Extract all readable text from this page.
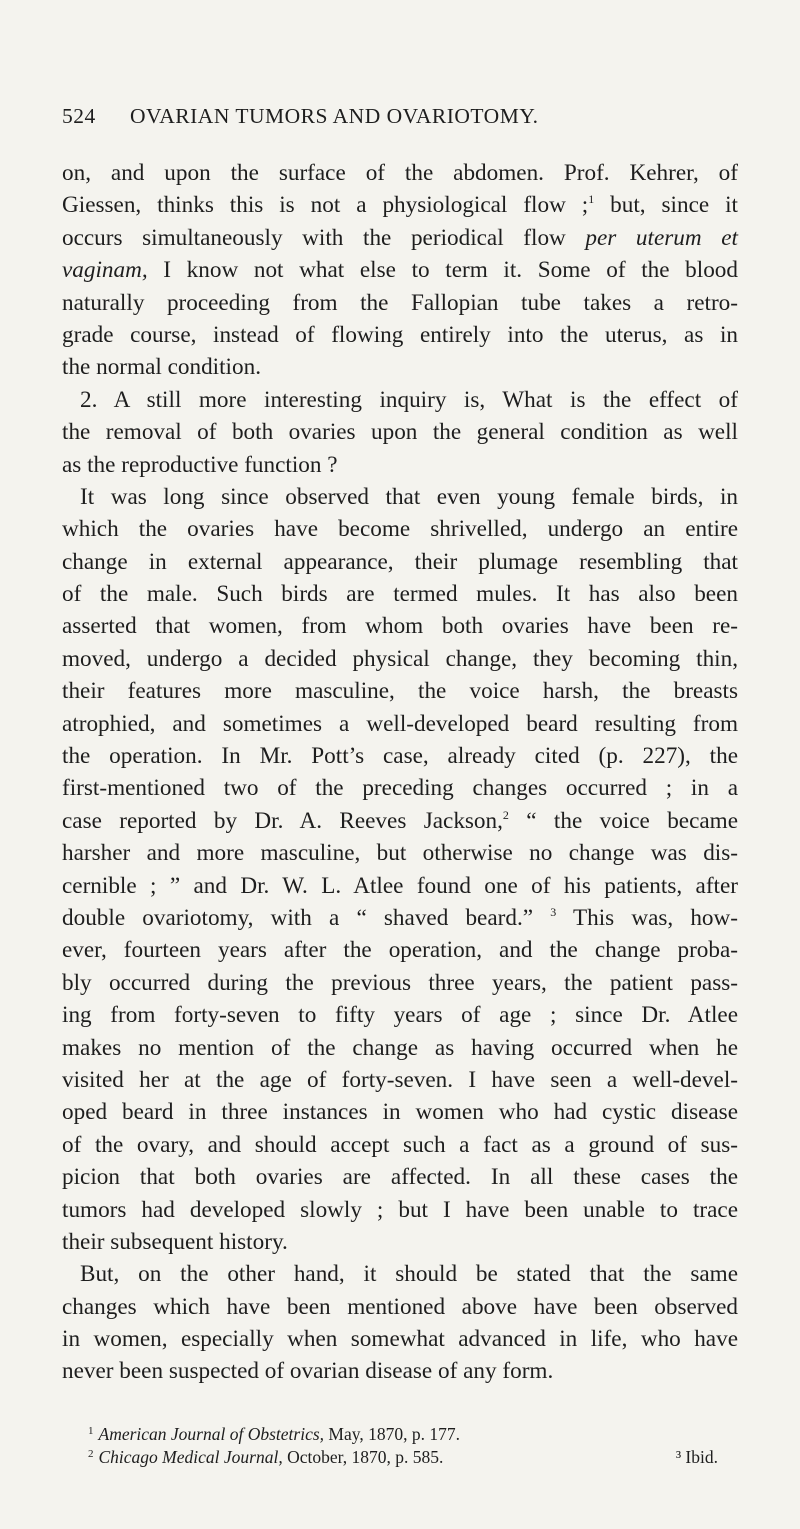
524 OVARIAN TUMORS AND OVARIOTOMY.
on, and upon the surface of the abdomen. Prof. Kehrer, of
Giessen, thinks this is not a physiological flow ;$^1$ but, since it
occurs simultaneously with the periodical flow per uterum et
vaginam, I know not what else to term it. Some of the blood
naturally proceeding from the Fallopian tube takes a retro-
grade course, instead of flowing entirely into the uterus, as in
the normal condition.
2. A still more interesting inquiry is, What is the effect of
the removal of both ovaries upon the general condition as well
as the reproductive function ?
It was long since observed that even young female birds, in
which the ovaries have become shrivelled, undergo an entire
change in external appearance, their plumage resembling that
of the male. Such birds are termed mules. It has also been
asserted that women, from whom both ovaries have been re-
moved, undergo a decided physical change, they becoming thin,
their features more masculine, the voice harsh, the breasts
atrophied, and sometimes a well-developed beard resulting from
the operation. In Mr. Pott’s case, already cited (p. 227), the
first-mentioned two of the preceding changes occurred ; in a
case reported by Dr. A. Reeves Jackson,$^2$ “ the voice became
harsher and more masculine, but otherwise no change was dis-
cernible ; ” and Dr. W. L. Atlee found one of his patients, after
double ovariotomy, with a “ shaved beard.” $^3$ This was, how-
ever, fourteen years after the operation, and the change proba-
bly occurred during the previous three years, the patient pass-
ing from forty-seven to fifty years of age ; since Dr. Atlee
makes no mention of the change as having occurred when he
visited her at the age of forty-seven. I have seen a well-devel-
oped beard in three instances in women who had cystic disease
of the ovary, and should accept such a fact as a ground of sus-
picion that both ovaries are affected. In all these cases the
tumors had developed slowly ; but I have been unable to trace
their subsequent history.
But, on the other hand, it should be stated that the same
changes which have been mentioned above have been observed
in women, especially when somewhat advanced in life, who have
never been suspected of ovarian disease of any form.
$^1$ American Journal of Obstetrics, May, 1870, p. 177.
³ Ibid.
$^2$ Chicago Medical Journal, October, 1870, p. 585.
